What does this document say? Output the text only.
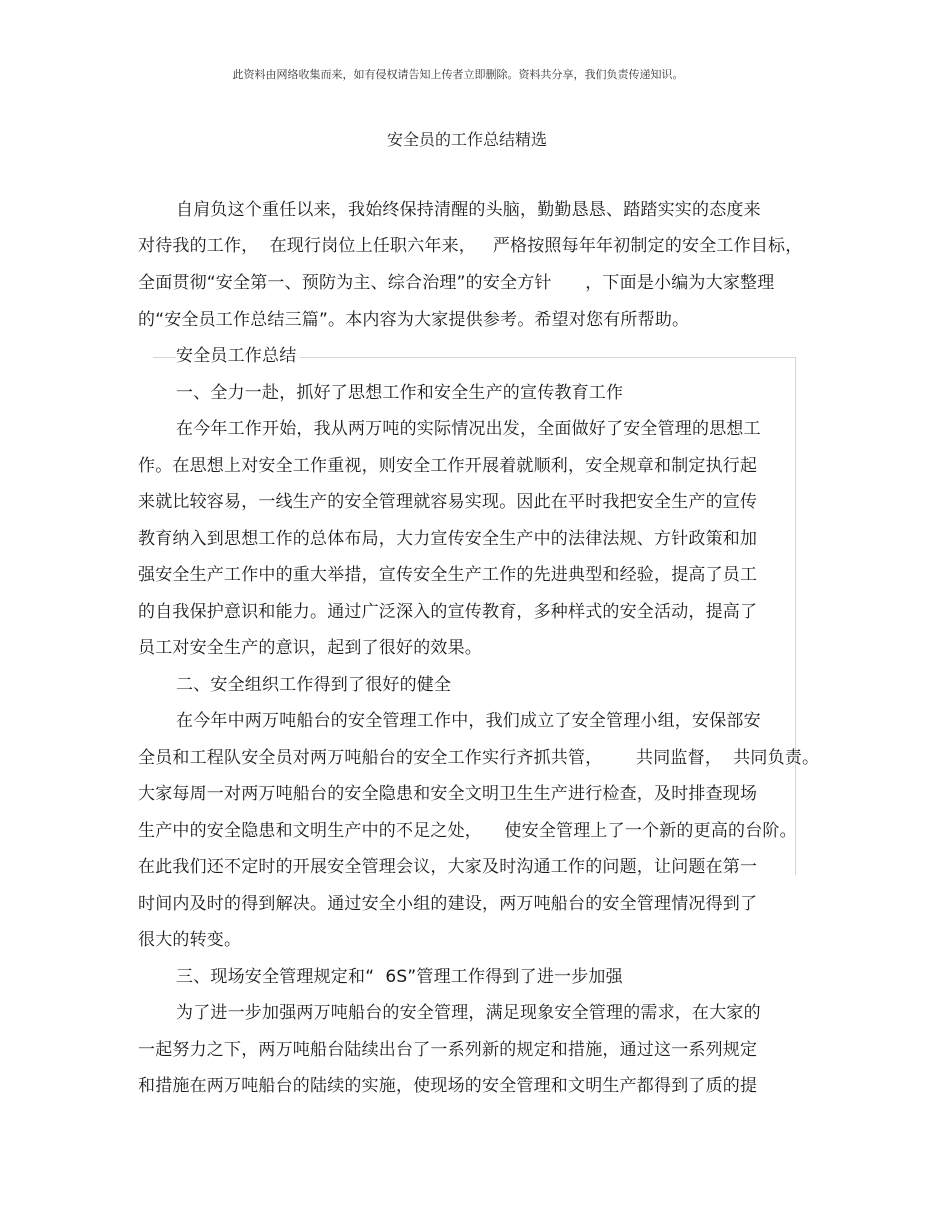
此资料由网络收集而来，如有侵权请告知上传者立即删除。资料共分享，我们负责传递知识。
安全员的工作总结精选
自肩负这个重任以来，我始终保持清醒的头脑，勤勤恳恳、踏踏实实的态度来
对待我的工作，  在现行岗位上任职六年来，   严格按照每年年初制定的安全工作目标，
全面贯彻“安全第一、预防为主、综合治理”的安全方针      ，下面是小编为大家整理
的“安全员工作总结三篇”。本内容为大家提供参考。希望对您有所帮助。
安全员工作总结
一、全力一赴，抓好了思想工作和安全生产的宣传教育工作
在今年工作开始，我从两万吨的实际情况出发，全面做好了安全管理的思想工
作。在思想上对安全工作重视，则安全工作开展着就顺利，安全规章和制定执行起
来就比较容易，一线生产的安全管理就容易实现。因此在平时我把安全生产的宣传
教育纳入到思想工作的总体布局，大力宣传安全生产中的法律法规、方针政策和加
强安全生产工作中的重大举措，宣传安全生产工作的先进典型和经验，提高了员工
的自我保护意识和能力。通过广泛深入的宣传教育，多种样式的安全活动，提高了
员工对安全生产的意识，起到了很好的效果。
二、安全组织工作得到了很好的健全
在今年中两万吨船台的安全管理工作中，我们成立了安全管理小组，安保部安
全员和工程队安全员对两万吨船台的安全工作实行齐抓共管，      共同监督，  共同负责。
大家每周一对两万吨船台的安全隐患和安全文明卫生生产进行检查，及时排查现场
生产中的安全隐患和文明生产中的不足之处，    使安全管理上了一个新的更高的台阶。
在此我们还不定时的开展安全管理会议，大家及时沟通工作的问题，让问题在第一
时间内及时的得到解决。通过安全小组的建设，两万吨船台的安全管理情况得到了
很大的转变。
三、现场安全管理规定和“  6S”管理工作得到了进一步加强
为了进一步加强两万吨船台的安全管理，满足现象安全管理的需求，在大家的
一起努力之下，两万吨船台陆续出台了一系列新的规定和措施，通过这一系列规定
和措施在两万吨船台的陆续的实施，使现场的安全管理和文明生产都得到了质的提
